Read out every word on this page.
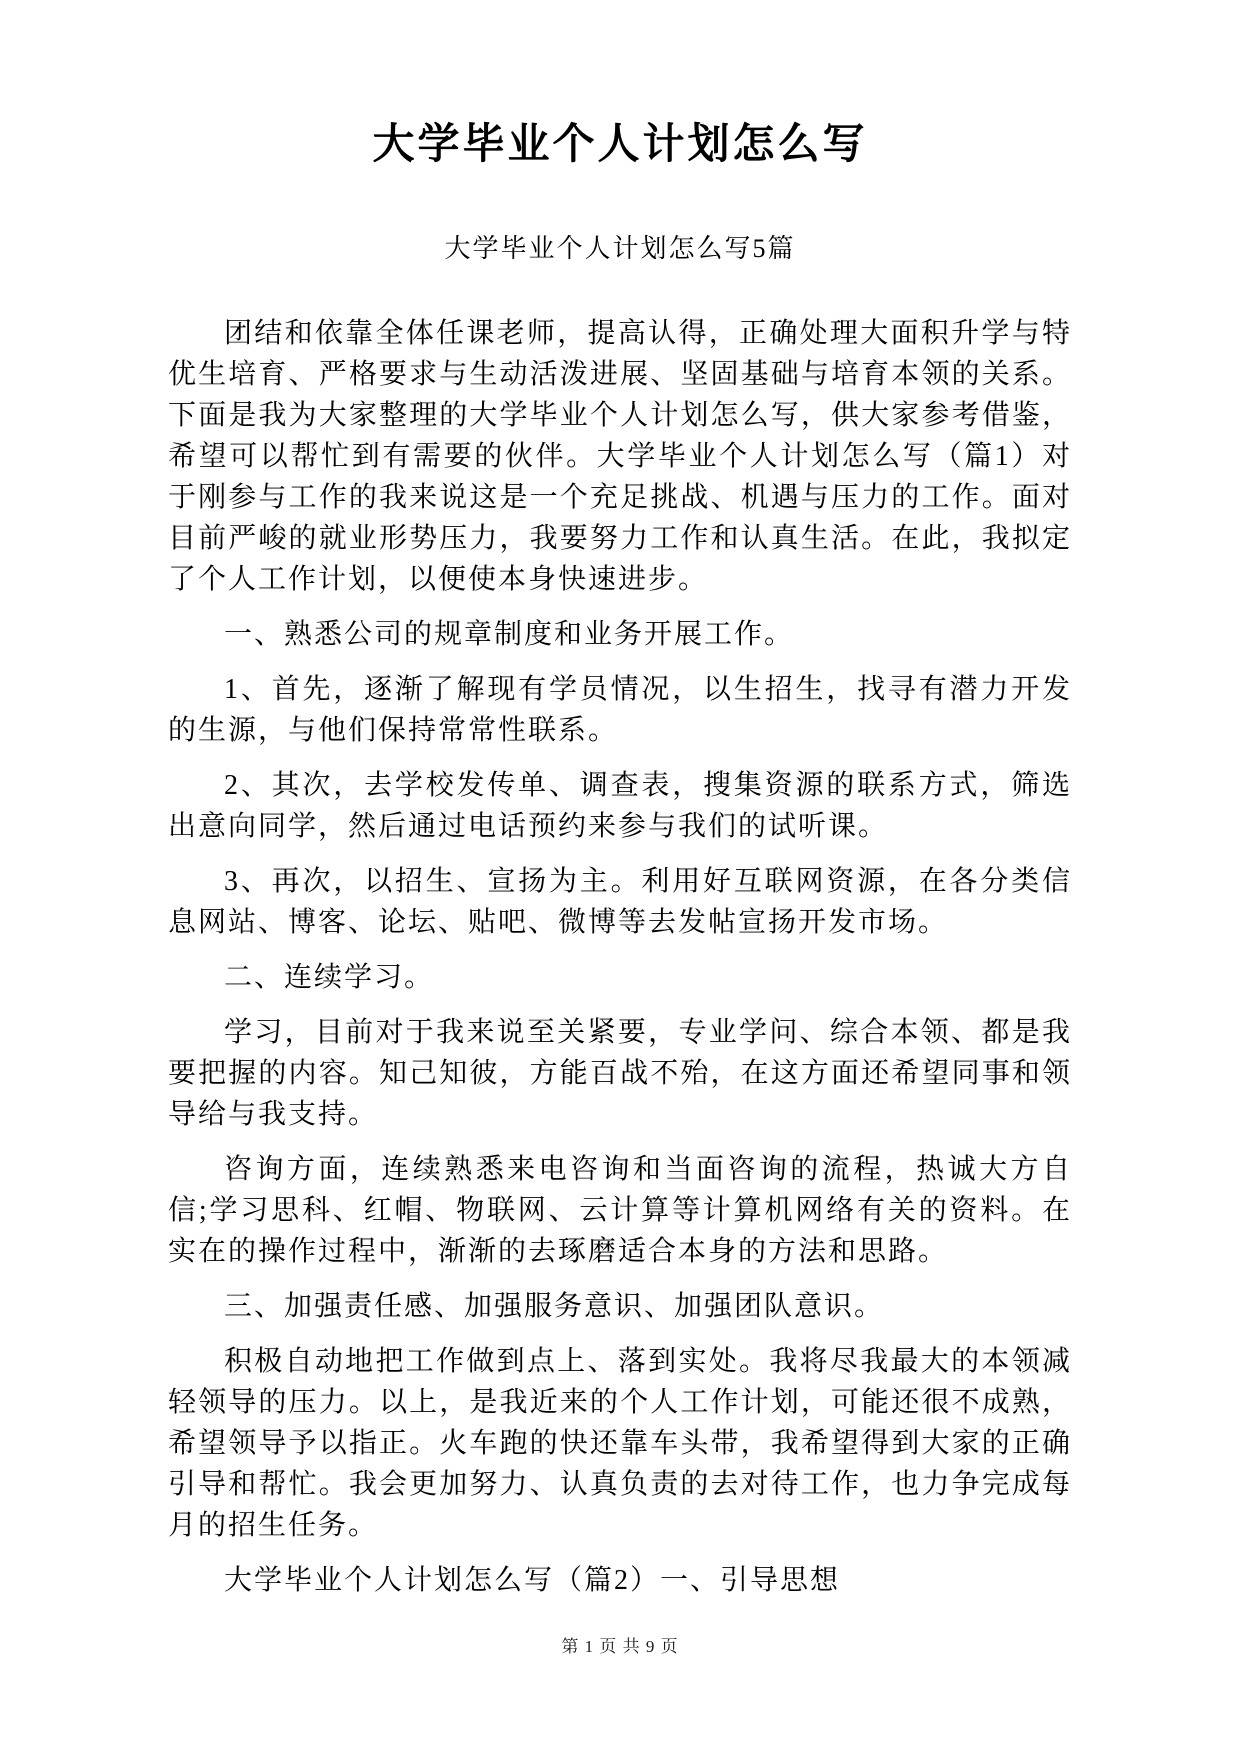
大学毕业个人计划怎么写
大学毕业个人计划怎么写5篇

团结和依靠全体任课老师，提高认得，正确处理大面积升学与特优生培育、严格要求与生动活泼进展、坚固基础与培育本领的关系。下面是我为大家整理的大学毕业个人计划怎么写，供大家参考借鉴，希望可以帮忙到有需要的伙伴。大学毕业个人计划怎么写（篇1）对于刚参与工作的我来说这是一个充足挑战、机遇与压力的工作。面对目前严峻的就业形势压力，我要努力工作和认真生活。在此，我拟定了个人工作计划，以便使本身快速进步。

一、熟悉公司的规章制度和业务开展工作。

1、首先，逐渐了解现有学员情况，以生招生，找寻有潜力开发的生源，与他们保持常常性联系。

2、其次，去学校发传单、调查表，搜集资源的联系方式，筛选出意向同学，然后通过电话预约来参与我们的试听课。

3、再次，以招生、宣扬为主。利用好互联网资源，在各分类信息网站、博客、论坛、贴吧、微博等去发帖宣扬开发市场。

二、连续学习。

学习，目前对于我来说至关紧要，专业学问、综合本领、都是我要把握的内容。知己知彼，方能百战不殆，在这方面还希望同事和领导给与我支持。

咨询方面，连续熟悉来电咨询和当面咨询的流程，热诚大方自信;学习思科、红帽、物联网、云计算等计算机网络有关的资料。在实在的操作过程中，渐渐的去琢磨适合本身的方法和思路。

三、加强责任感、加强服务意识、加强团队意识。

积极自动地把工作做到点上、落到实处。我将尽我最大的本领减轻领导的压力。以上，是我近来的个人工作计划，可能还很不成熟，希望领导予以指正。火车跑的快还靠车头带，我希望得到大家的正确引导和帮忙。我会更加努力、认真负责的去对待工作，也力争完成每月的招生任务。

大学毕业个人计划怎么写（篇2）一、引导思想

第 1 页 共 9 页
